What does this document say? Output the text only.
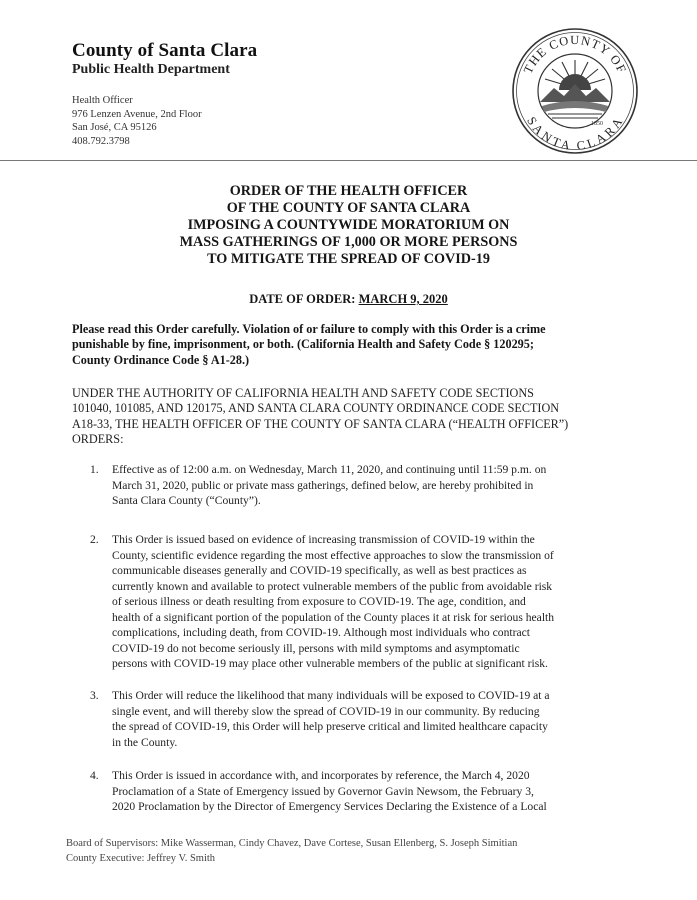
County of Santa Clara
Public Health Department
Health Officer
976 Lenzen Avenue, 2nd Floor
San José, CA 95126
408.792.3798
THE COUNTY OF
SANTA CLARA
1850
ORDER OF THE HEALTH OFFICER
OF THE COUNTY OF SANTA CLARA
IMPOSING A COUNTYWIDE MORATORIUM ON
MASS GATHERINGS OF 1,000 OR MORE PERSONS
TO MITIGATE THE SPREAD OF COVID-19
DATE OF ORDER: MARCH 9, 2020
Please read this Order carefully. Violation of or failure to comply with this Order is a crime
punishable by fine, imprisonment, or both. (California Health and Safety Code § 120295;
County Ordinance Code § A1-28.)
UNDER THE AUTHORITY OF CALIFORNIA HEALTH AND SAFETY CODE SECTIONS
101040, 101085, AND 120175, AND SANTA CLARA COUNTY ORDINANCE CODE SECTION
A18-33, THE HEALTH OFFICER OF THE COUNTY OF SANTA CLARA (“HEALTH OFFICER”)
ORDERS:
1.	Effective as of 12:00 a.m. on Wednesday, March 11, 2020, and continuing until 11:59 p.m. on
March 31, 2020, public or private mass gatherings, defined below, are hereby prohibited in
Santa Clara County (“County”).
2.	This Order is issued based on evidence of increasing transmission of COVID-19 within the
County, scientific evidence regarding the most effective approaches to slow the transmission of
communicable diseases generally and COVID-19 specifically, as well as best practices as
currently known and available to protect vulnerable members of the public from avoidable risk
of serious illness or death resulting from exposure to COVID-19. The age, condition, and
health of a significant portion of the population of the County places it at risk for serious health
complications, including death, from COVID-19. Although most individuals who contract
COVID-19 do not become seriously ill, persons with mild symptoms and asymptomatic
persons with COVID-19 may place other vulnerable members of the public at significant risk.
3.	This Order will reduce the likelihood that many individuals will be exposed to COVID-19 at a
single event, and will thereby slow the spread of COVID-19 in our community. By reducing
the spread of COVID-19, this Order will help preserve critical and limited healthcare capacity
in the County.
4.	This Order is issued in accordance with, and incorporates by reference, the March 4, 2020
Proclamation of a State of Emergency issued by Governor Gavin Newsom, the February 3,
2020 Proclamation by the Director of Emergency Services Declaring the Existence of a Local
Board of Supervisors: Mike Wasserman, Cindy Chavez, Dave Cortese, Susan Ellenberg, S. Joseph Simitian
County Executive: Jeffrey V. Smith
